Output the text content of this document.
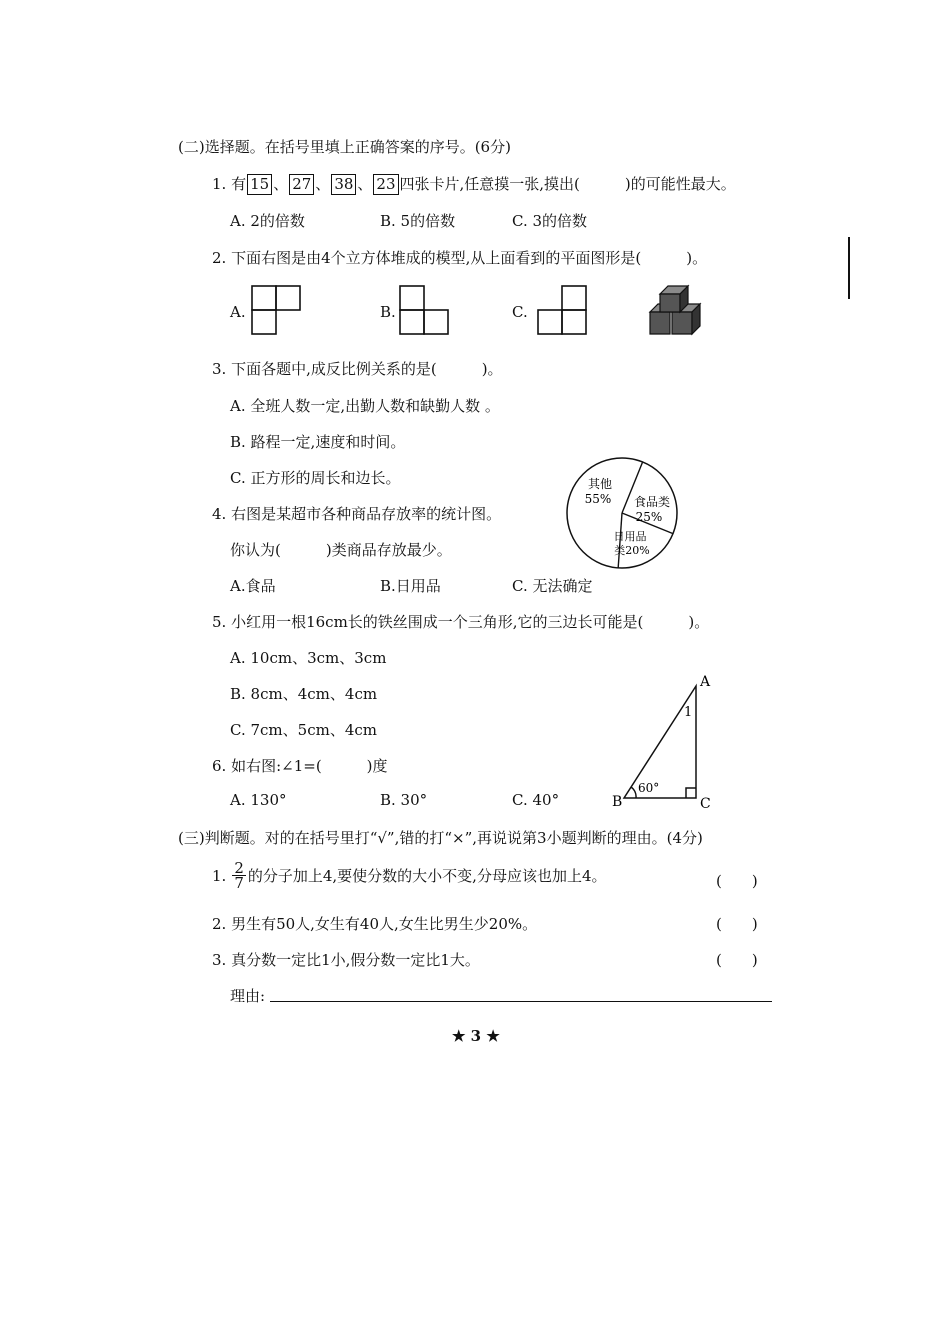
(二)选择题。在括号里填上正确答案的序号。(6分)
1. 有 15 、 27 、 38 、 23 四张卡片,任意摸一张,摸出(　　　)的可能性最大。
A. 2的倍数	B. 5的倍数	C. 3的倍数
2. 下面右图是由4个立方体堆成的模型,从上面看到的平面图形是(　　　)。
A.	B.	C.
3. 下面各题中,成反比例关系的是(　　　)。
A. 全班人数一定,出勤人数和缺勤人数 。
B. 路程一定,速度和时间。
C. 正方形的周长和边长。
4. 右图是某超市各种商品存放率的统计图。
你认为(　　　)类商品存放最少。
A.食品	B.日用品	C. 无法确定
其他
55% 食品类
25%
日用品
类20%
5. 小红用一根16cm长的铁丝围成一个三角形,它的三边长可能是(　　　)。
A. 10cm、3cm、3cm
B. 8cm、4cm、4cm
C. 7cm、5cm、4cm
6. 如右图:∠1=(　　　)度
A. 130°	B. 30°	C. 40°
A
B	C
60°
1
(三)判断题。对的在括号里打“√”,错的打“×”,再说说第3小题判断的理由。(4分)
1. $\frac{2}{7}$ 的分子加上4,要使分数的大小不变,分母应该也加上4。	(　　)
2. 男生有50人,女生有40人,女生比男生少20%。	(　　)
3. 真分数一定比1小,假分数一定比1大。	(　　)
理由:
★ 3 ★
